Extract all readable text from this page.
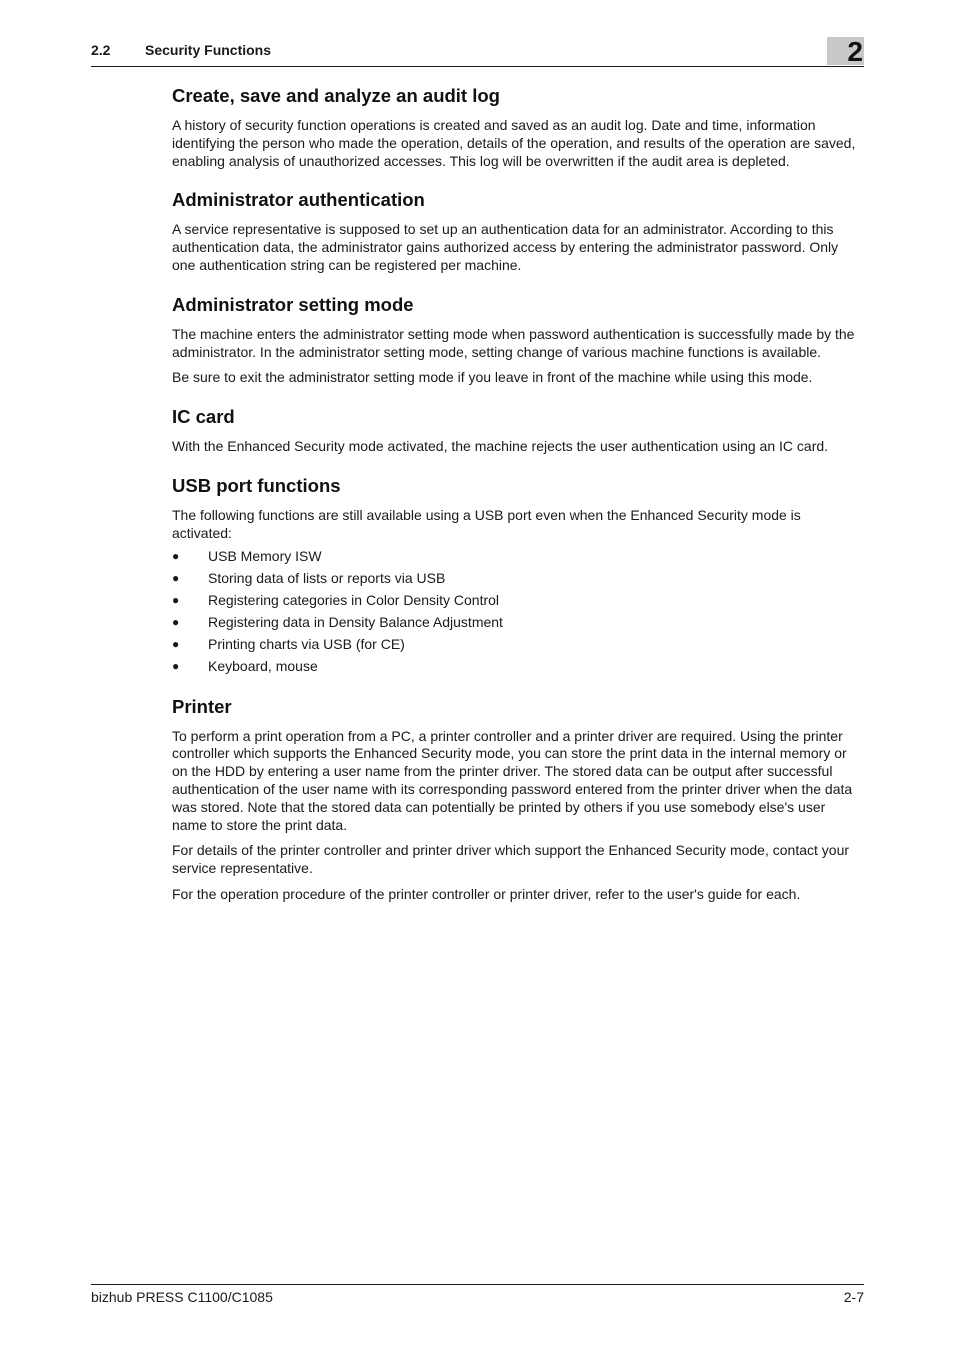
2.2 Security Functions	2
Create, save and analyze an audit log

A history of security function operations is created and saved as an audit log. Date and time, information identifying the person who made the operation, details of the operation, and results of the operation are saved, enabling analysis of unauthorized accesses. This log will be overwritten if the audit area is depleted.

Administrator authentication

A service representative is supposed to set up an authentication data for an administrator. According to this authentication data, the administrator gains authorized access by entering the administrator password. Only one authentication string can be registered per machine.

Administrator setting mode

The machine enters the administrator setting mode when password authentication is successfully made by the administrator. In the administrator setting mode, setting change of various machine functions is available.

Be sure to exit the administrator setting mode if you leave in front of the machine while using this mode.

IC card

With the Enhanced Security mode activated, the machine rejects the user authentication using an IC card.

USB port functions

The following functions are still available using a USB port even when the Enhanced Security mode is activated:

● USB Memory ISW
● Storing data of lists or reports via USB
● Registering categories in Color Density Control
● Registering data in Density Balance Adjustment
● Printing charts via USB (for CE)
● Keyboard, mouse
Printer

To perform a print operation from a PC, a printer controller and a printer driver are required. Using the printer controller which supports the Enhanced Security mode, you can store the print data in the internal memory or on the HDD by entering a user name from the printer driver. The stored data can be output after successful authentication of the user name with its corresponding password entered from the printer driver when the data was stored. Note that the stored data can potentially be printed by others if you use somebody else's user name to store the print data.

For details of the printer controller and printer driver which support the Enhanced Security mode, contact your service representative.

For the operation procedure of the printer controller or printer driver, refer to the user's guide for each.

bizhub PRESS C1100/C1085	2-7
